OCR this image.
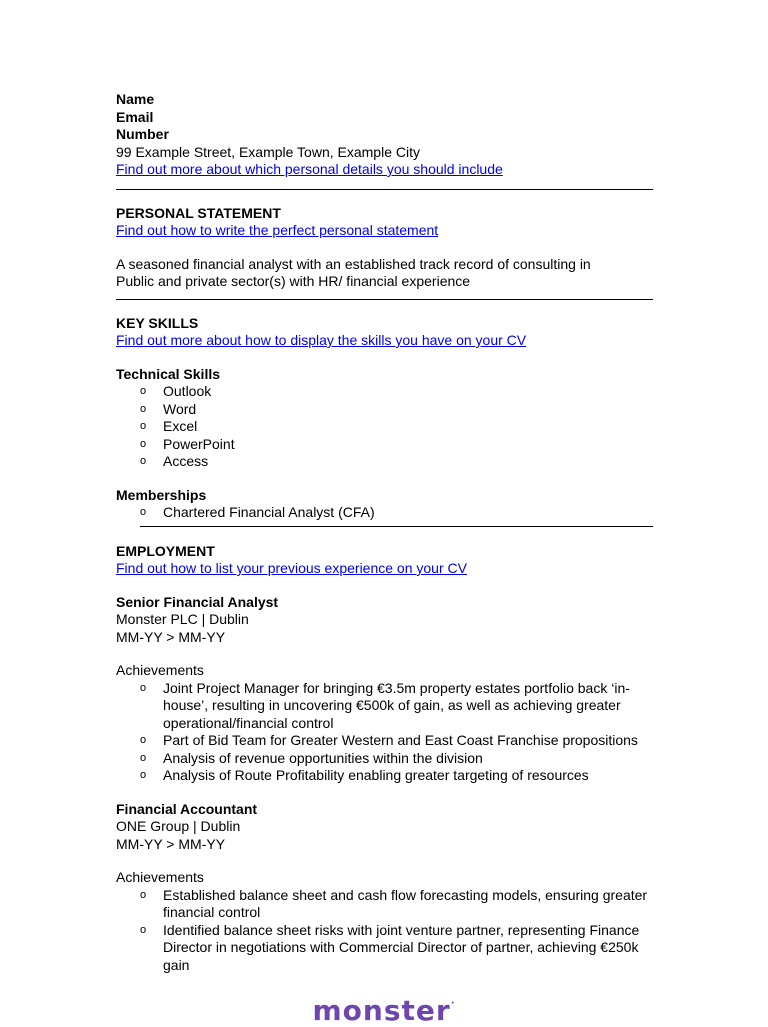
Name
Email
Number
99 Example Street, Example Town, Example City
Find out more about which personal details you should include
PERSONAL STATEMENT
Find out how to write the perfect personal statement
A seasoned financial analyst with an established track record of consulting in
Public and private sector(s) with HR/ financial experience
KEY SKILLS
Find out more about how to display the skills you have on your CV
Technical Skills
o Outlook
o Word
o Excel
o PowerPoint
o Access
Memberships
o Chartered Financial Analyst (CFA)
EMPLOYMENT
Find out how to list your previous experience on your CV
Senior Financial Analyst
Monster PLC | Dublin
MM-YY > MM-YY
Achievements
o Joint Project Manager for bringing €3.5m property estates portfolio back ‘in-house’, resulting in uncovering €500k of gain, as well as achieving greater operational/financial control
o Part of Bid Team for Greater Western and East Coast Franchise propositions
o Analysis of revenue opportunities within the division
o Analysis of Route Profitability enabling greater targeting of resources
Financial Accountant
ONE Group | Dublin
MM-YY > MM-YY
Achievements
o Established balance sheet and cash flow forecasting models, ensuring greater financial control
o Identified balance sheet risks with joint venture partner, representing Finance Director in negotiations with Commercial Director of partner, achieving €250k gain
monster·
